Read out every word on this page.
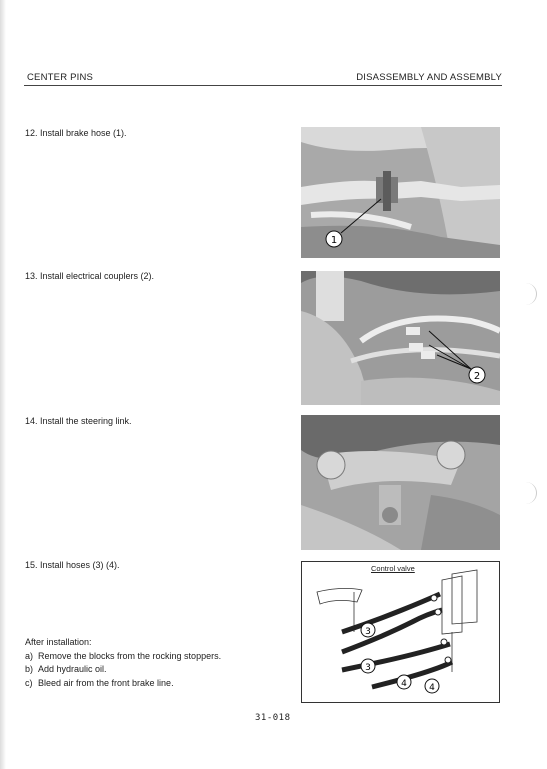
CENTER PINS	DISASSEMBLY AND ASSEMBLY
12. Install brake hose (1).
13. Install electrical couplers (2).
14. Install the steering link.
15. Install hoses (3) (4).
After installation:
a) Remove the blocks from the rocking stoppers.
b) Add hydraulic oil.
c) Bleed air from the front brake line.
1
2
Control valve
3
3
4 4
31-018
